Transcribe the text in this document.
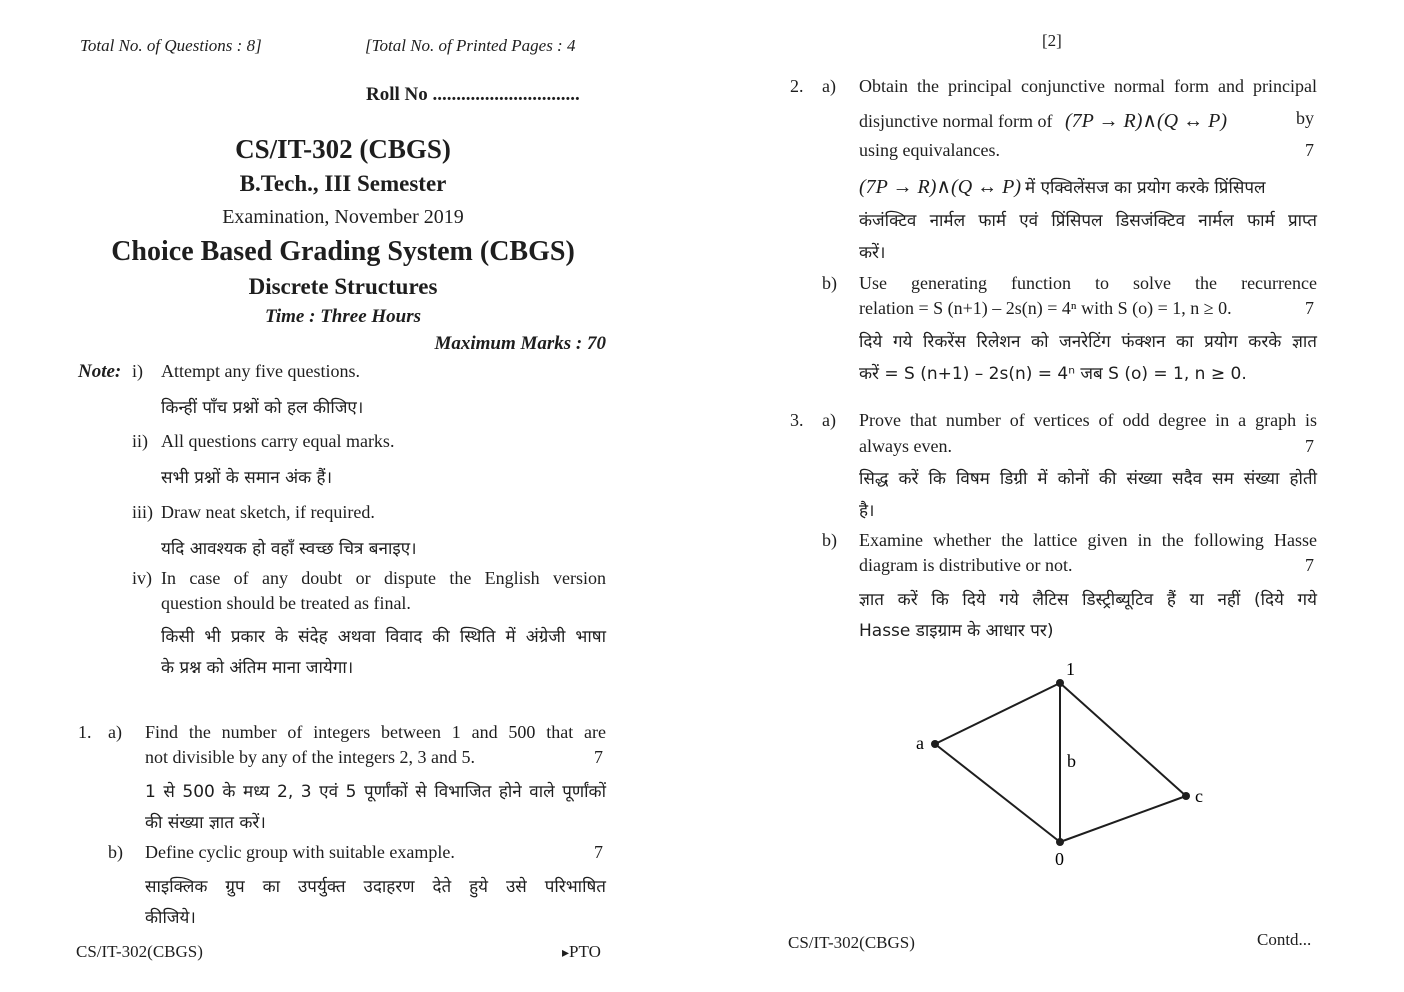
Total No. of Questions : 8]	[Total No. of Printed Pages : 4
Roll No ...............................
CS/IT-302 (CBGS)
B.Tech., III Semester
Examination, November 2019
Choice Based Grading System (CBGS)
Discrete Structures
Time : Three Hours
Maximum Marks : 70
Note: i) Attempt any five questions.
किन्हीं पाँच प्रश्नों को हल कीजिए।
ii) All questions carry equal marks.
सभी प्रश्नों के समान अंक हैं।
iii) Draw neat sketch, if required.
यदि आवश्यक हो वहाँ स्वच्छ चित्र बनाइए।
iv) In case of any doubt or dispute the English version
question should be treated as final.
किसी भी प्रकार के संदेह अथवा विवाद की स्थिति में अंग्रेजी भाषा
के प्रश्न को अंतिम माना जायेगा।
1. a) Find the number of integers between 1 and 500 that are
not divisible by any of the integers 2, 3 and 5.	7
1 से 500 के मध्य 2, 3 एवं 5 पूर्णांकों से विभाजित होने वाले पूर्णांकों
की संख्या ज्ञात करें।
b) Define cyclic group with suitable example.	7
साइक्लिक ग्रुप का उपर्युक्त उदाहरण देते हुये उसे परिभाषित
कीजिये।
CS/IT-302(CBGS)	▸PTO
[2]
2. a) Obtain the principal conjunctive normal form and principal
disjunctive normal form of (7P → R)∧(Q ↔ P)	by
using equivalances.	7
(7P → R)∧(Q ↔ P) में एक्विलेंसज का प्रयोग करके प्रिंसिपल
कंजंक्टिव नार्मल फार्म एवं प्रिंसिपल डिसजंक्टिव नार्मल फार्म प्राप्त
करें।
b) Use generating function to solve the recurrence
relation = S (n+1) – 2s(n) = 4ⁿ with S (o) = 1, n ≥ 0.	7
दिये गये रिकरेंस रिलेशन को जनरेटिंग फंक्शन का प्रयोग करके ज्ञात
करें = S (n+1) – 2s(n) = 4ⁿ जब S (o) = 1, n ≥ 0.
3. a) Prove that number of vertices of odd degree in a graph is
always even.	7
सिद्ध करें कि विषम डिग्री में कोनों की संख्या सदैव सम संख्या होती
है।
b) Examine whether the lattice given in the following Hasse
diagram is distributive or not.	7
ज्ञात करें कि दिये गये लैटिस डिस्ट्रीब्यूटिव हैं या नहीं (दिये गये
Hasse डाइग्राम के आधार पर)
1
a
b
c
0
CS/IT-302(CBGS)	Contd...
